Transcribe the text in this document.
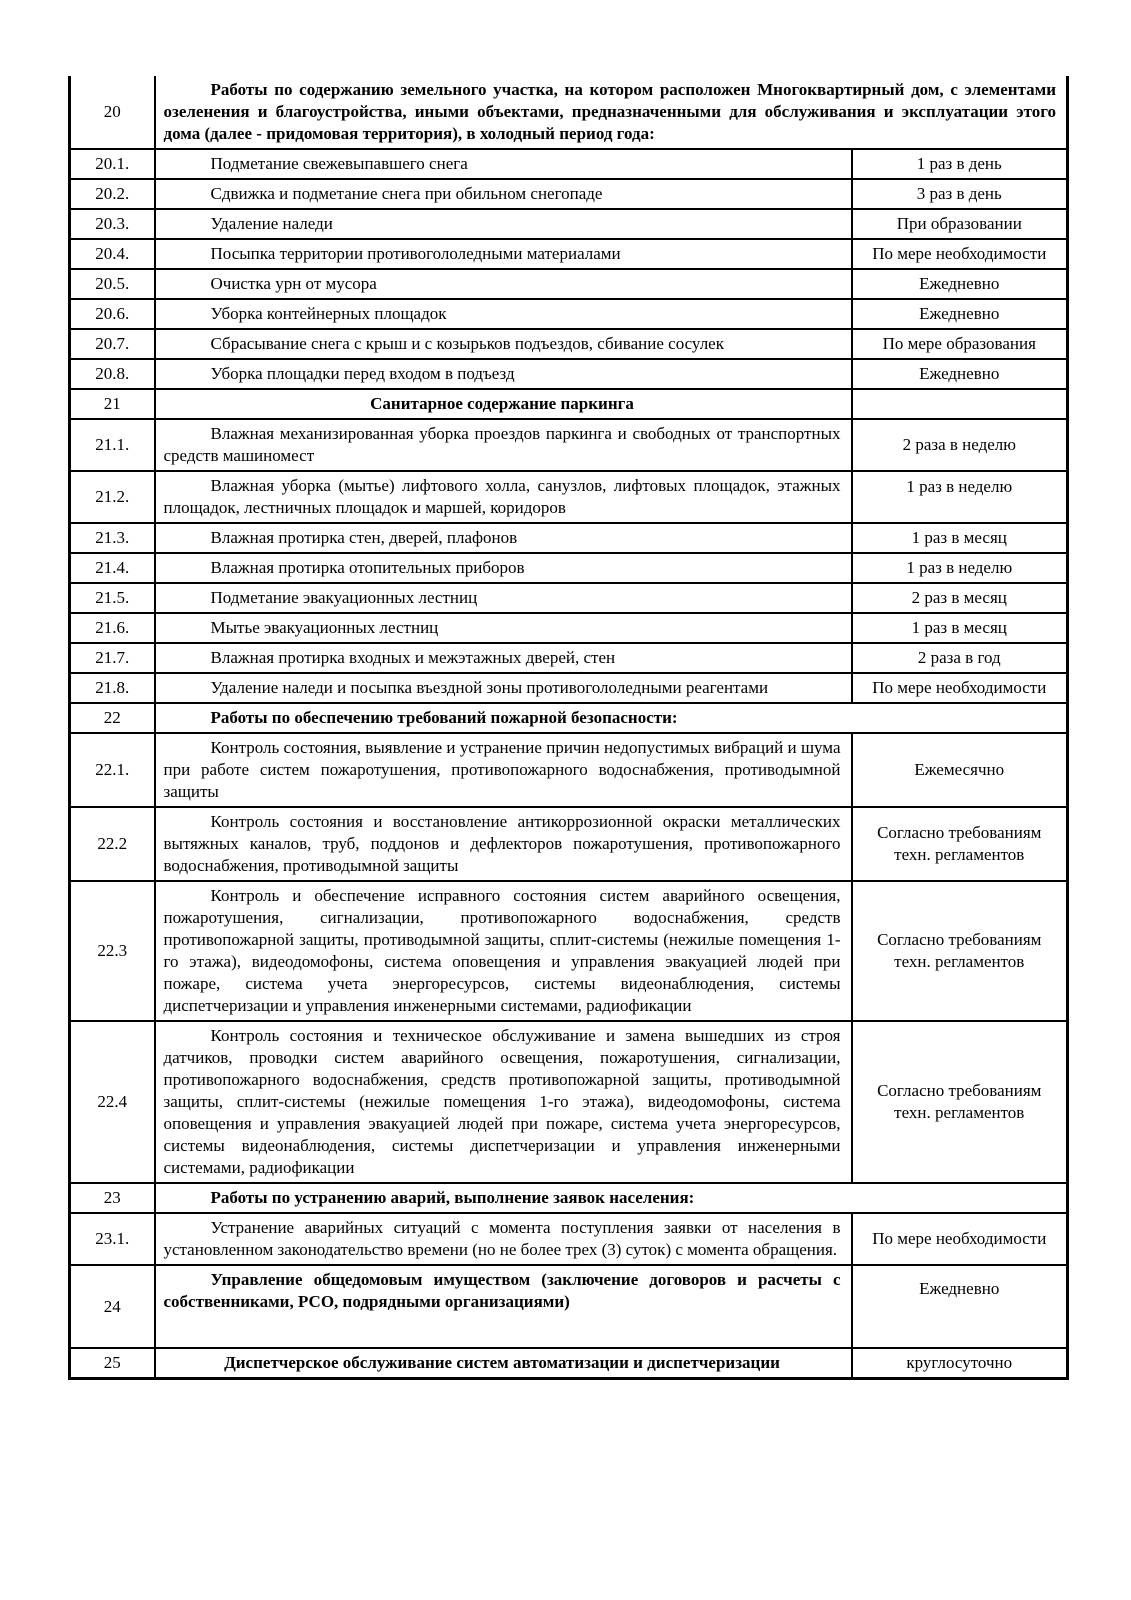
20	Работы по содержанию земельного участка, на котором расположен Многоквартирный дом, с элементами озеленения и благоустройства, иными объектами, предназначенными для обслуживания и эксплуатации этого дома (далее - придомовая территория), в холодный период года:	
20.1.	Подметание свежевыпавшего снега	1 раз в день
20.2.	Сдвижка и подметание снега при обильном снегопаде	3 раз в день
20.3.	Удаление наледи	При образовании
20.4.	Посыпка территории противогололедными материалами	По мере необходимости
20.5.	Очистка урн от мусора	Ежедневно
20.6.	Уборка контейнерных площадок	Ежедневно
20.7.	Сбрасывание снега с крыш и с козырьков подъездов, сбивание сосулек	По мере образования
20.8.	Уборка площадки перед входом в подъезд	Ежедневно
21	Санитарное содержание паркинга	
21.1.	Влажная механизированная уборка проездов паркинга и свободных от транспортных средств машиномест	2 раза в неделю
21.2.	Влажная уборка (мытье) лифтового холла, санузлов, лифтовых площадок, этажных площадок, лестничных площадок и маршей, коридоров	1 раз в неделю
21.3.	Влажная протирка стен, дверей, плафонов	1 раз в месяц
21.4.	Влажная протирка отопительных приборов	1 раз в неделю
21.5.	Подметание эвакуационных лестниц	2 раз в месяц
21.6.	Мытье эвакуационных лестниц	1 раз в месяц
21.7.	Влажная протирка входных и межэтажных дверей, стен	2 раза в год
21.8.	Удаление наледи и посыпка въездной зоны противогололедными реагентами	По мере необходимости
22	Работы по обеспечению требований пожарной безопасности:	
22.1.	Контроль состояния, выявление и устранение причин недопустимых вибраций и шума при работе систем пожаротушения, противопожарного водоснабжения, противодымной защиты	Ежемесячно
22.2	Контроль состояния и восстановление антикоррозионной окраски металлических вытяжных каналов, труб, поддонов и дефлекторов пожаротушения, противопожарного водоснабжения, противодымной защиты	Согласно требованиям техн. регламентов
22.3	Контроль и обеспечение исправного состояния систем аварийного освещения, пожаротушения, сигнализации, противопожарного водоснабжения, средств противопожарной защиты, противодымной защиты, сплит-системы (нежилые помещения 1-го этажа), видеодомофоны, система оповещения и управления эвакуацией людей при пожаре, система учета энергоресурсов, системы видеонаблюдения, системы диспетчеризации и управления инженерными системами, радиофикации	Согласно требованиям техн. регламентов
22.4	Контроль состояния и техническое обслуживание и замена вышедших из строя датчиков, проводки систем аварийного освещения, пожаротушения, сигнализации, противопожарного водоснабжения, средств противопожарной защиты, противодымной защиты, сплит-системы (нежилые помещения 1-го этажа), видеодомофоны, система оповещения и управления эвакуацией людей при пожаре, система учета энергоресурсов, системы видеонаблюдения, системы диспетчеризации и управления инженерными системами, радиофикации	Согласно требованиям техн. регламентов
23	Работы по устранению аварий, выполнение заявок населения:	
23.1.	Устранение аварийных ситуаций с момента поступления заявки от населения в установленном законодательство времени (но не более трех (3) суток) с момента обращения.	По мере необходимости
24	Управление общедомовым имуществом (заключение договоров и расчеты с собственниками, РСО, подрядными организациями)	Ежедневно
25	Диспетчерское обслуживание систем автоматизации и диспетчеризации	круглосуточно
